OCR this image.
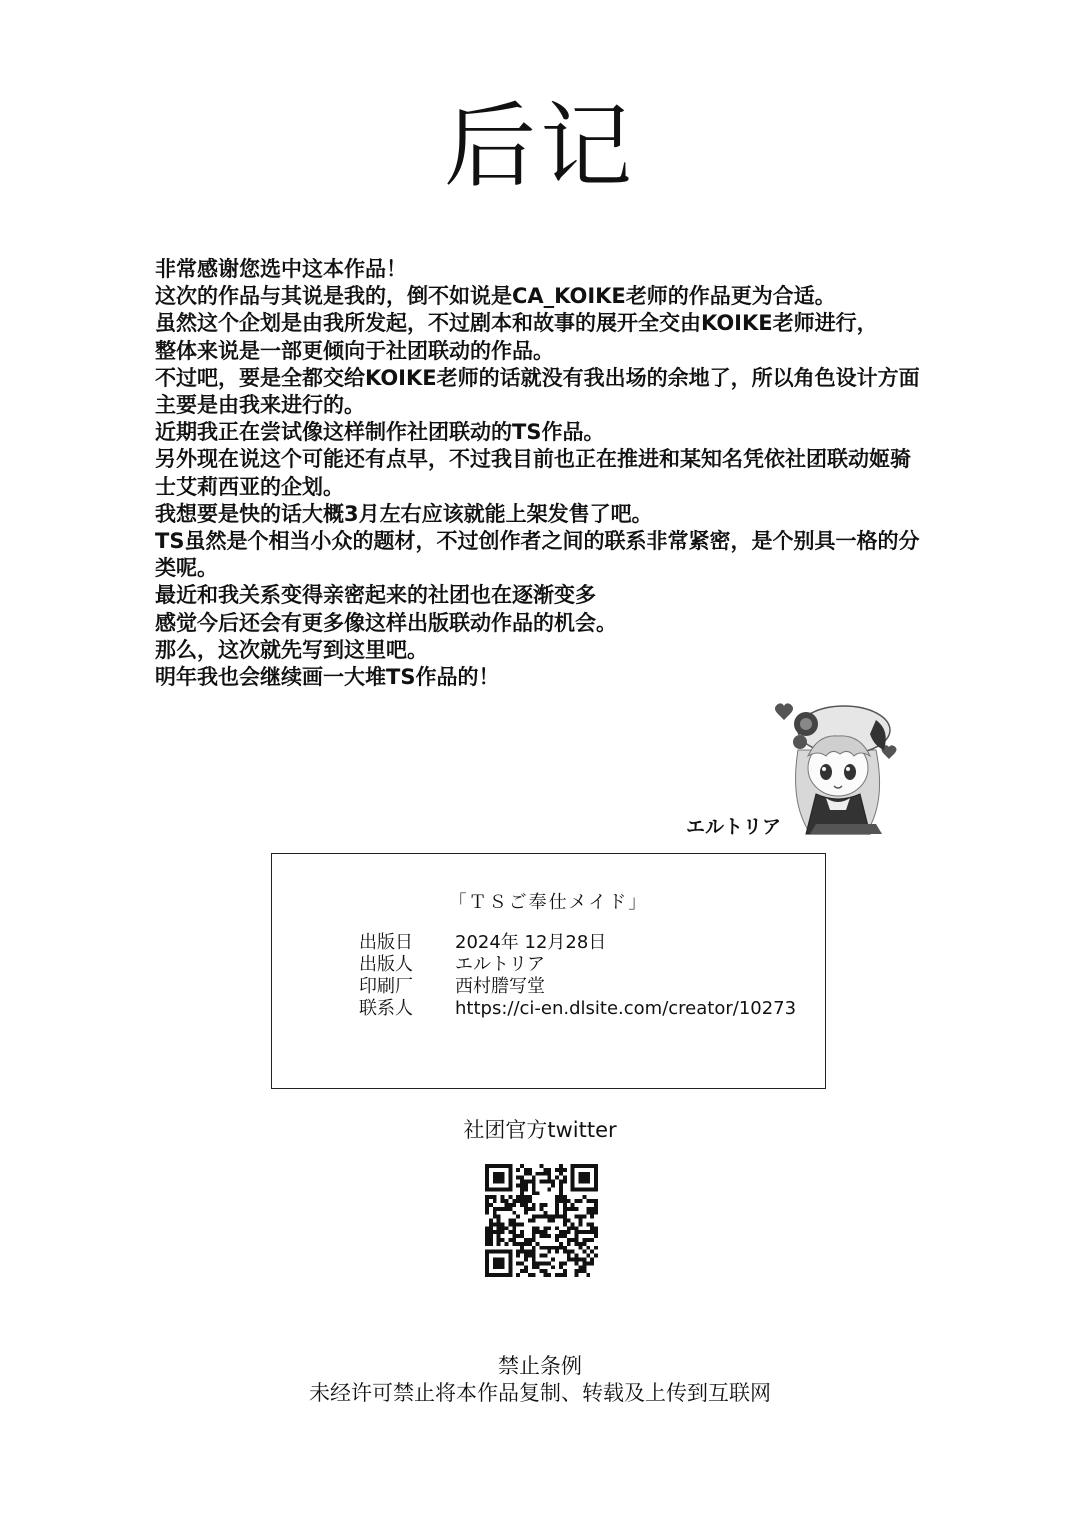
后记
非常感谢您选中这本作品！
这次的作品与其说是我的，倒不如说是CA_KOIKE老师的作品更为合适。
虽然这个企划是由我所发起，不过剧本和故事的展开全交由KOIKE老师进行，
整体来说是一部更倾向于社团联动的作品。
不过吧，要是全都交给KOIKE老师的话就没有我出场的余地了，所以角色设计方面
主要是由我来进行的。
近期我正在尝试像这样制作社团联动的TS作品。
另外现在说这个可能还有点早，不过我目前也正在推进和某知名凭依社团联动姬骑
士艾莉西亚的企划。
我想要是快的话大概3月左右应该就能上架发售了吧。
TS虽然是个相当小众的题材，不过创作者之间的联系非常紧密，是个别具一格的分
类呢。
最近和我关系变得亲密起来的社团也在逐渐变多
感觉今后还会有更多像这样出版联动作品的机会。
那么，这次就先写到这里吧。
明年我也会继续画一大堆TS作品的！
エルトリア
「ＴＳご奉仕メイド」
出版日	2024年 12月28日
出版人	エルトリア
印刷厂	西村謄写堂
联系人	https://ci-en.dlsite.com/creator/10273
社团官方twitter
禁止条例
未经许可禁止将本作品复制、转载及上传到互联网
